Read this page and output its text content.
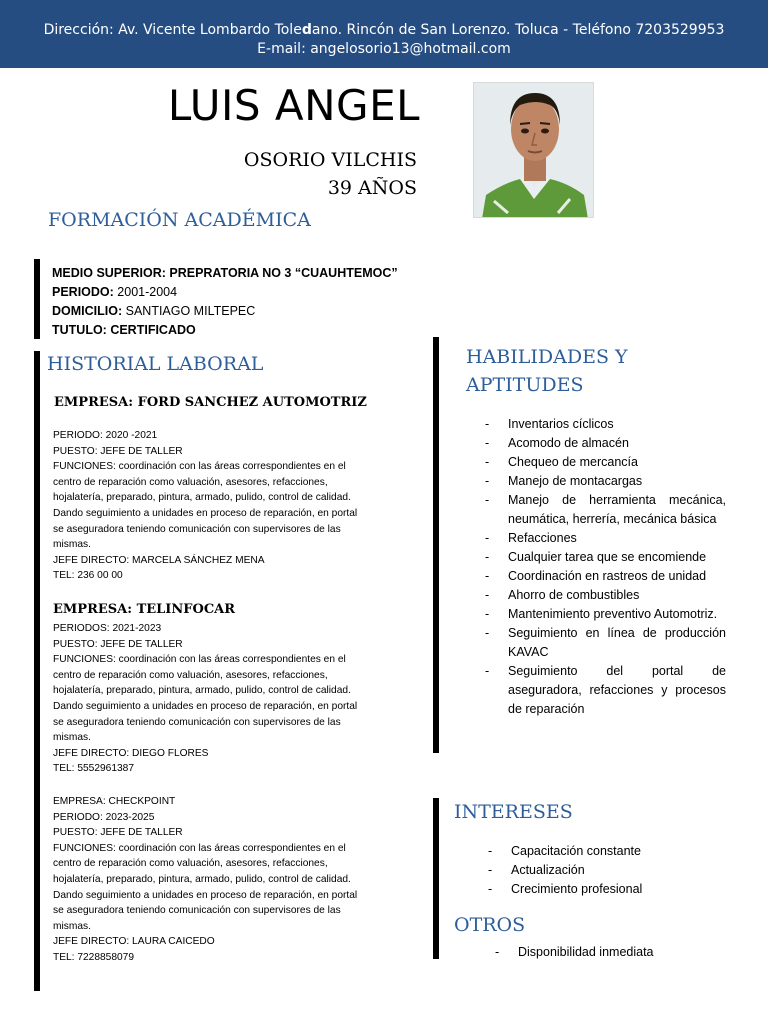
Dirección: Av. Vicente Lombardo Toledano. Rincón de San Lorenzo. Toluca - Teléfono 7203529953
E-mail: angelosorio13@hotmail.com
LUIS ANGEL
OSORIO VILCHIS
39 AÑOS
FORMACIÓN ACADÉMICA
MEDIO SUPERIOR: PREPRATORIA NO 3 “CUAUHTEMOC”
PERIODO: 2001-2004
DOMICILIO: SANTIAGO MILTEPEC
TUTULO: CERTIFICADO
HISTORIAL LABORAL
EMPRESA: FORD SANCHEZ AUTOMOTRIZ
PERIODO: 2020 -2021
PUESTO: JEFE DE TALLER
FUNCIONES: coordinación con las áreas correspondientes en el
centro de reparación como valuación, asesores, refacciones,
hojalatería, preparado, pintura, armado, pulido, control de calidad.
Dando seguimiento a unidades en proceso de reparación, en portal
se aseguradora teniendo comunicación con supervisores de las
mismas.
JEFE DIRECTO: MARCELA SÁNCHEZ MENA
TEL: 236 00 00
EMPRESA: TELINFOCAR
PERIODOS: 2021-2023
PUESTO: JEFE DE TALLER
FUNCIONES: coordinación con las áreas correspondientes en el
centro de reparación como valuación, asesores, refacciones,
hojalatería, preparado, pintura, armado, pulido, control de calidad.
Dando seguimiento a unidades en proceso de reparación, en portal
se aseguradora teniendo comunicación con supervisores de las
mismas.
JEFE DIRECTO: DIEGO FLORES
TEL: 5552961387
EMPRESA: CHECKPOINT
PERIODO: 2023-2025
PUESTO: JEFE DE TALLER
FUNCIONES: coordinación con las áreas correspondientes en el
centro de reparación como valuación, asesores, refacciones,
hojalatería, preparado, pintura, armado, pulido, control de calidad.
Dando seguimiento a unidades en proceso de reparación, en portal
se aseguradora teniendo comunicación con supervisores de las
mismas.
JEFE DIRECTO: LAURA CAICEDO
TEL: 7228858079
HABILIDADES Y
APTITUDES
- Inventarios cíclicos
- Acomodo de almacén
- Chequeo de mercancía
- Manejo de montacargas
- Manejo de herramienta mecánica, neumática, herrería, mecánica básica
- Refacciones
- Cualquier tarea que se encomiende
- Coordinación en rastreos de unidad
- Ahorro de combustibles
- Mantenimiento preventivo Automotriz.
- Seguimiento en línea de producción KAVAC
- Seguimiento del portal de aseguradora, refacciones y procesos de reparación
INTERESES
- Capacitación constante
- Actualización
- Crecimiento profesional
OTROS
- Disponibilidad inmediata
